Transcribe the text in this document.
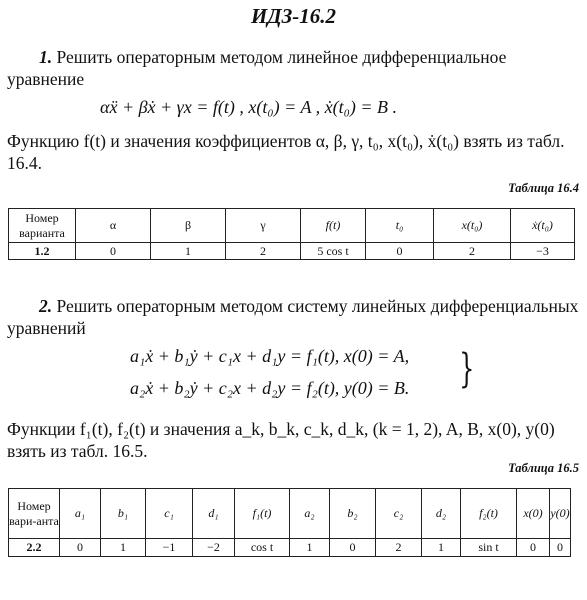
ИДЗ-16.2
1. Решить операторным методом линейное дифференциальное уравнение
αẍ + βẋ + γx = f(t) , x(t₀) = A , ẋ(t₀) = B .
Функцию f(t) и значения коэффициентов α, β, γ, t₀, x(t₀), ẋ(t₀) взять из табл. 16.4.
Таблица 16.4
Номер варианта	α	β	γ	f(t)	t₀	x(t₀)	ẋ(t₀)
1.2	0	1	2	5 cos t	0	2	−3
2. Решить операторным методом систему линейных дифференциальных уравнений
a₁ẋ + b₁ẏ + c₁x + d₁y = f₁(t), x(0) = A,
a₂ẋ + b₂ẏ + c₂x + d₂y = f₂(t), y(0) = B. }
Функции f₁(t), f₂(t) и значения a_k, b_k, c_k, d_k, (k = 1, 2), A, B, x(0), y(0) взять из табл. 16.5.
Таблица 16.5
Номер вари-анта	a₁	b₁	c₁	d₁	f₁(t)	a₂	b₂	c₂	d₂	f₂(t)	x(0)	y(0)
2.2	0	1	−1	−2	cos t	1	0	2	1	sin t	0	0
